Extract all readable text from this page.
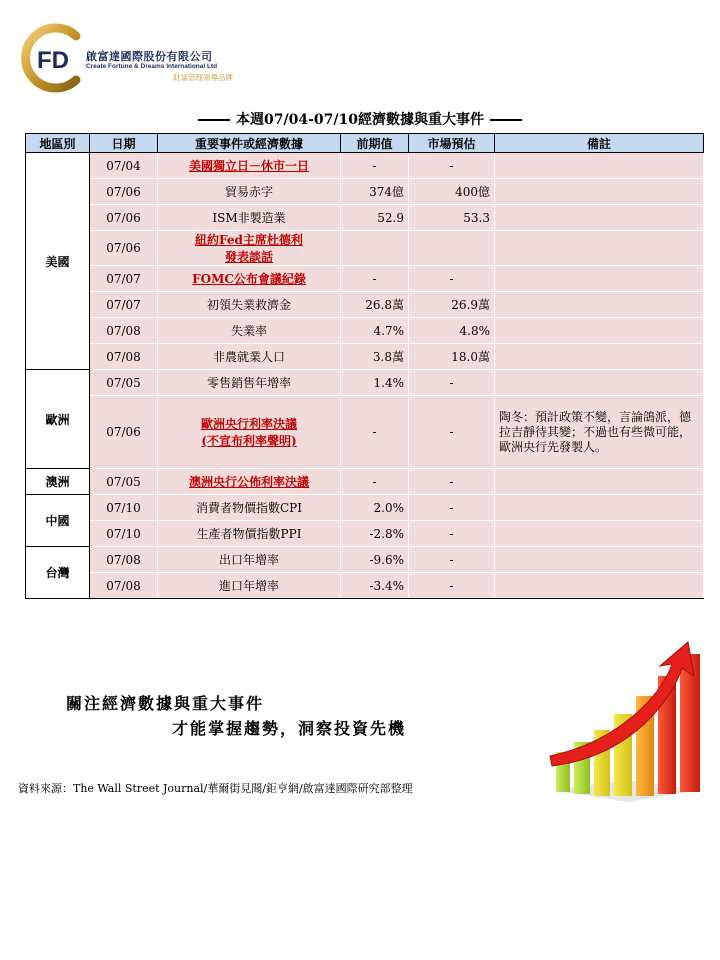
FD 啟富達國際股份有限公司
Create Fortune & Dreams International Ltd
財富管理領導品牌
本週07/04-07/10經濟數據與重大事件
地區別	日期	重要事件或經濟數據	前期值	市場預估	備註
美國	07/04	美國獨立日－休市一日	-	-	
	07/06	貿易赤字	374億	400億	
	07/06	ISM非製造業	52.9	53.3	
	07/06	紐約Fed主席杜德利
發表談話			
	07/07	FOMC公布會議紀錄	-	-	
	07/07	初領失業救濟金	26.8萬	26.9萬	
	07/08	失業率	4.7%	4.8%	
	07/08	非農就業人口	3.8萬	18.0萬	
歐洲	07/05	零售銷售年增率	1.4%	-	
	07/06	歐洲央行利率決議
(不宣布利率聲明)	-	-	陶冬：預計政策不變，言論鴿派，德拉吉靜待其變；不過也有些微可能，歐洲央行先發製人。
澳洲	07/05	澳洲央行公佈利率決議	-	-	
中國	07/10	消費者物價指數CPI	2.0%	-	
	07/10	生產者物價指數PPI	-2.8%	-	
台灣	07/08	出口年增率	-9.6%	-	
	07/08	進口年增率	-3.4%	-	
關注經濟數據與重大事件
才能掌握趨勢，洞察投資先機
資料來源：The Wall Street Journal/華爾街見聞/鉅亨網/啟富達國際研究部整理
